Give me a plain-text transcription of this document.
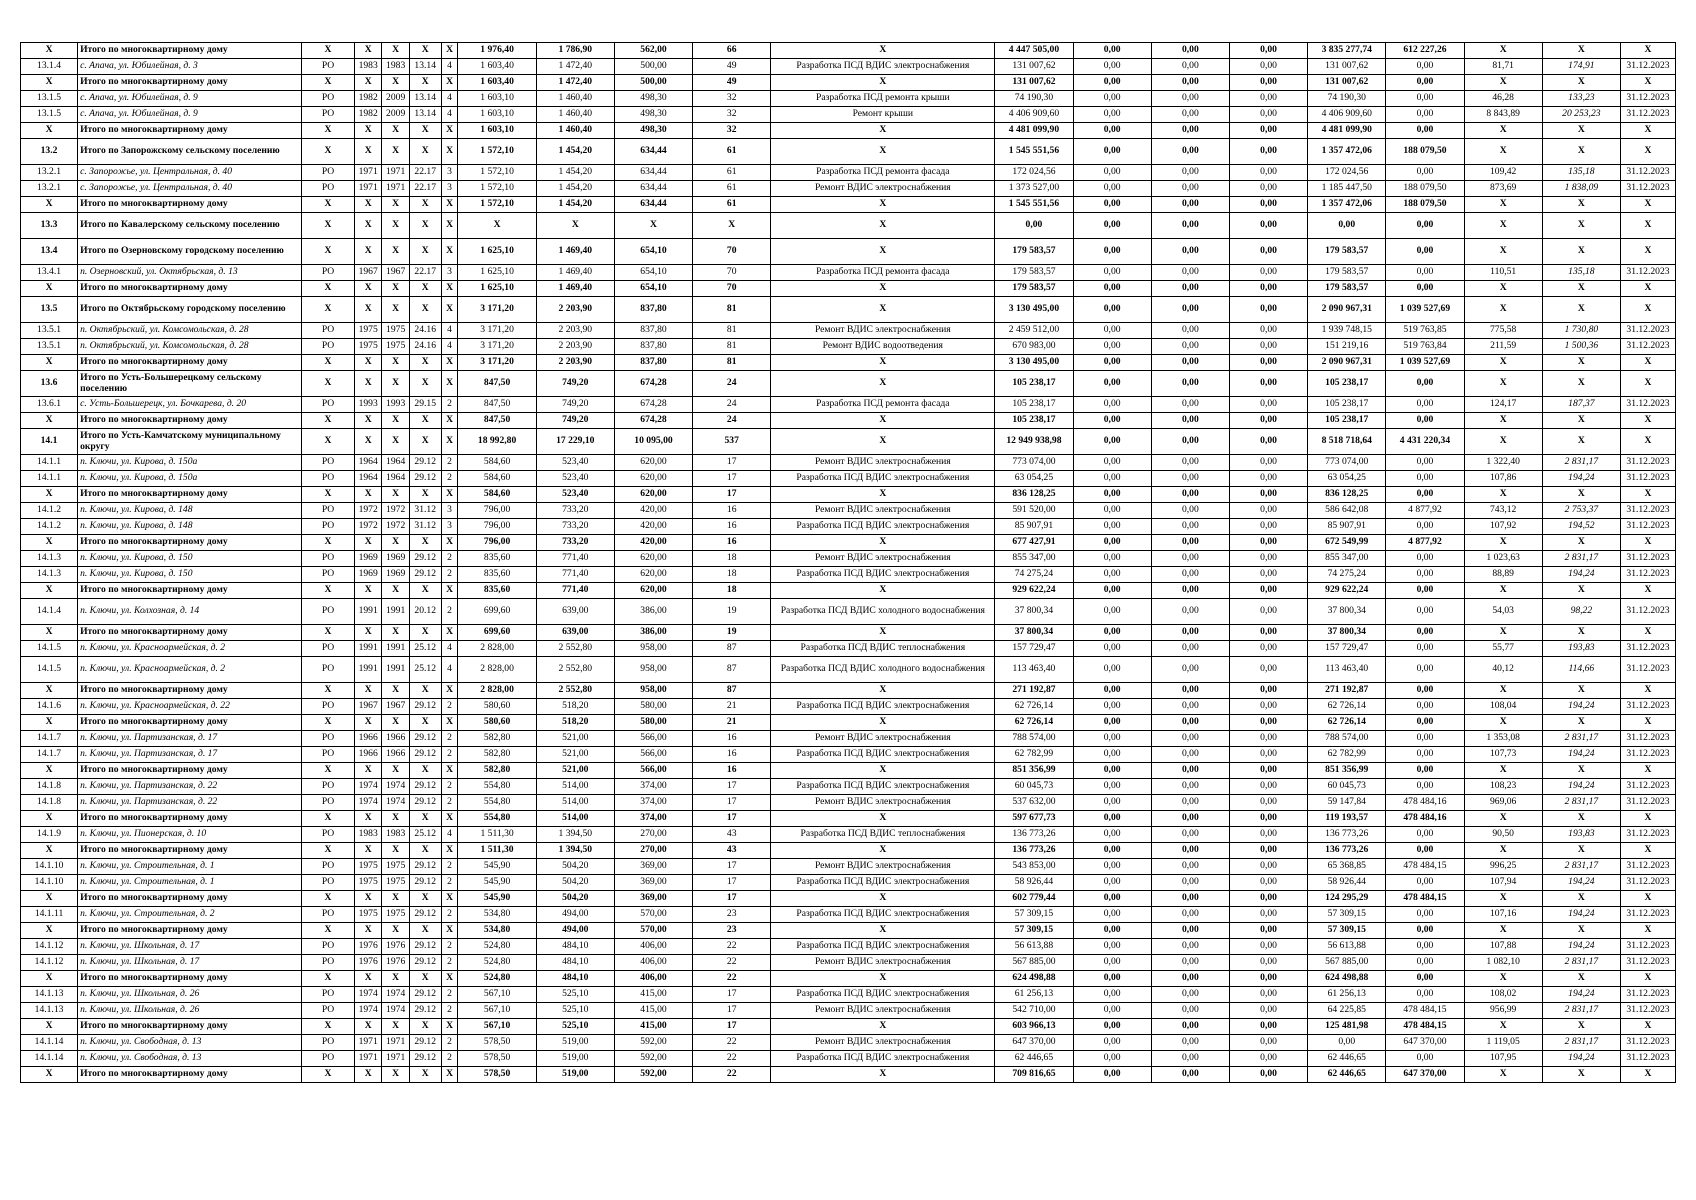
X	Итого по многоквартирному дому	X	X	X	X	X	1 976,40	1 786,90	562,00	66	X	4 447 505,00	0,00	0,00	0,00	3 835 277,74	612 227,26	X	X	X
13.1.4	с. Апача, ул. Юбилейная, д. 3	РО	1983	1983	13.14	4	1 603,40	1 472,40	500,00	49	Разработка ПСД ВДИС электроснабжения	131 007,62	0,00	0,00	0,00	131 007,62	0,00	81,71	174,91	31.12.2023
X	Итого по многоквартирному дому	X	X	X	X	X	1 603,40	1 472,40	500,00	49	X	131 007,62	0,00	0,00	0,00	131 007,62	0,00	X	X	X
13.1.5	с. Апача, ул. Юбилейная, д. 9	РО	1982	2009	13.14	4	1 603,10	1 460,40	498,30	32	Разработка ПСД ремонта крыши	74 190,30	0,00	0,00	0,00	74 190,30	0,00	46,28	133,23	31.12.2023
13.1.5	с. Апача, ул. Юбилейная, д. 9	РО	1982	2009	13.14	4	1 603,10	1 460,40	498,30	32	Ремонт крыши	4 406 909,60	0,00	0,00	0,00	4 406 909,60	0,00	8 843,89	20 253,23	31.12.2023
X	Итого по многоквартирному дому	X	X	X	X	X	1 603,10	1 460,40	498,30	32	X	4 481 099,90	0,00	0,00	0,00	4 481 099,90	0,00	X	X	X
13.2	Итого по Запорожскому сельскому поселению	X	X	X	X	X	1 572,10	1 454,20	634,44	61	X	1 545 551,56	0,00	0,00	0,00	1 357 472,06	188 079,50	X	X	X
13.2.1	с. Запорожье, ул. Центральная, д. 40	РО	1971	1971	22.17	3	1 572,10	1 454,20	634,44	61	Разработка ПСД ремонта фасада	172 024,56	0,00	0,00	0,00	172 024,56	0,00	109,42	135,18	31.12.2023
13.2.1	с. Запорожье, ул. Центральная, д. 40	РО	1971	1971	22.17	3	1 572,10	1 454,20	634,44	61	Ремонт ВДИС электроснабжения	1 373 527,00	0,00	0,00	0,00	1 185 447,50	188 079,50	873,69	1 838,09	31.12.2023
X	Итого по многоквартирному дому	X	X	X	X	X	1 572,10	1 454,20	634,44	61	X	1 545 551,56	0,00	0,00	0,00	1 357 472,06	188 079,50	X	X	X
13.3	Итого по Кавалерскому сельскому поселению	X	X	X	X	X	X	X	X	X	X	0,00	0,00	0,00	0,00	0,00	0,00	X	X	X
13.4	Итого по Озерновскому городскому поселению	X	X	X	X	X	1 625,10	1 469,40	654,10	70	X	179 583,57	0,00	0,00	0,00	179 583,57	0,00	X	X	X
13.4.1	п. Озерновский, ул. Октябрьская, д. 13	РО	1967	1967	22.17	3	1 625,10	1 469,40	654,10	70	Разработка ПСД ремонта фасада	179 583,57	0,00	0,00	0,00	179 583,57	0,00	110,51	135,18	31.12.2023
X	Итого по многоквартирному дому	X	X	X	X	X	1 625,10	1 469,40	654,10	70	X	179 583,57	0,00	0,00	0,00	179 583,57	0,00	X	X	X
13.5	Итого по Октябрьскому городскому поселению	X	X	X	X	X	3 171,20	2 203,90	837,80	81	X	3 130 495,00	0,00	0,00	0,00	2 090 967,31	1 039 527,69	X	X	X
13.5.1	п. Октябрьский, ул. Комсомольская, д. 28	РО	1975	1975	24.16	4	3 171,20	2 203,90	837,80	81	Ремонт ВДИС электроснабжения	2 459 512,00	0,00	0,00	0,00	1 939 748,15	519 763,85	775,58	1 730,80	31.12.2023
13.5.1	п. Октябрьский, ул. Комсомольская, д. 28	РО	1975	1975	24.16	4	3 171,20	2 203,90	837,80	81	Ремонт ВДИС водоотведения	670 983,00	0,00	0,00	0,00	151 219,16	519 763,84	211,59	1 500,36	31.12.2023
X	Итого по многоквартирному дому	X	X	X	X	X	3 171,20	2 203,90	837,80	81	X	3 130 495,00	0,00	0,00	0,00	2 090 967,31	1 039 527,69	X	X	X
13.6	Итого по Усть-Большерецкому сельскому поселению	X	X	X	X	X	847,50	749,20	674,28	24	X	105 238,17	0,00	0,00	0,00	105 238,17	0,00	X	X	X
13.6.1	с. Усть-Большерецк, ул. Бочкарева, д. 20	РО	1993	1993	29.15	2	847,50	749,20	674,28	24	Разработка ПСД ремонта фасада	105 238,17	0,00	0,00	0,00	105 238,17	0,00	124,17	187,37	31.12.2023
X	Итого по многоквартирному дому	X	X	X	X	X	847,50	749,20	674,28	24	X	105 238,17	0,00	0,00	0,00	105 238,17	0,00	X	X	X
14.1	Итого по Усть-Камчатскому муниципальному округу	X	X	X	X	X	18 992,80	17 229,10	10 095,00	537	X	12 949 938,98	0,00	0,00	0,00	8 518 718,64	4 431 220,34	X	X	X
14.1.1	п. Ключи, ул. Кирова, д. 150а	РО	1964	1964	29.12	2	584,60	523,40	620,00	17	Ремонт ВДИС электроснабжения	773 074,00	0,00	0,00	0,00	773 074,00	0,00	1 322,40	2 831,17	31.12.2023
14.1.1	п. Ключи, ул. Кирова, д. 150а	РО	1964	1964	29.12	2	584,60	523,40	620,00	17	Разработка ПСД ВДИС электроснабжения	63 054,25	0,00	0,00	0,00	63 054,25	0,00	107,86	194,24	31.12.2023
X	Итого по многоквартирному дому	X	X	X	X	X	584,60	523,40	620,00	17	X	836 128,25	0,00	0,00	0,00	836 128,25	0,00	X	X	X
14.1.2	п. Ключи, ул. Кирова, д. 148	РО	1972	1972	31.12	3	796,00	733,20	420,00	16	Ремонт ВДИС электроснабжения	591 520,00	0,00	0,00	0,00	586 642,08	4 877,92	743,12	2 753,37	31.12.2023
14.1.2	п. Ключи, ул. Кирова, д. 148	РО	1972	1972	31.12	3	796,00	733,20	420,00	16	Разработка ПСД ВДИС электроснабжения	85 907,91	0,00	0,00	0,00	85 907,91	0,00	107,92	194,52	31.12.2023
X	Итого по многоквартирному дому	X	X	X	X	X	796,00	733,20	420,00	16	X	677 427,91	0,00	0,00	0,00	672 549,99	4 877,92	X	X	X
14.1.3	п. Ключи, ул. Кирова, д. 150	РО	1969	1969	29.12	2	835,60	771,40	620,00	18	Ремонт ВДИС электроснабжения	855 347,00	0,00	0,00	0,00	855 347,00	0,00	1 023,63	2 831,17	31.12.2023
14.1.3	п. Ключи, ул. Кирова, д. 150	РО	1969	1969	29.12	2	835,60	771,40	620,00	18	Разработка ПСД ВДИС электроснабжения	74 275,24	0,00	0,00	0,00	74 275,24	0,00	88,89	194,24	31.12.2023
X	Итого по многоквартирному дому	X	X	X	X	X	835,60	771,40	620,00	18	X	929 622,24	0,00	0,00	0,00	929 622,24	0,00	X	X	X
14.1.4	п. Ключи, ул. Колхозная, д. 14	РО	1991	1991	20.12	2	699,60	639,00	386,00	19	Разработка ПСД ВДИС холодного водоснабжения	37 800,34	0,00	0,00	0,00	37 800,34	0,00	54,03	98,22	31.12.2023
X	Итого по многоквартирному дому	X	X	X	X	X	699,60	639,00	386,00	19	X	37 800,34	0,00	0,00	0,00	37 800,34	0,00	X	X	X
14.1.5	п. Ключи, ул. Красноармейская, д. 2	РО	1991	1991	25.12	4	2 828,00	2 552,80	958,00	87	Разработка ПСД ВДИС теплоснабжения	157 729,47	0,00	0,00	0,00	157 729,47	0,00	55,77	193,83	31.12.2023
14.1.5	п. Ключи, ул. Красноармейская, д. 2	РО	1991	1991	25.12	4	2 828,00	2 552,80	958,00	87	Разработка ПСД ВДИС холодного водоснабжения	113 463,40	0,00	0,00	0,00	113 463,40	0,00	40,12	114,66	31.12.2023
X	Итого по многоквартирному дому	X	X	X	X	X	2 828,00	2 552,80	958,00	87	X	271 192,87	0,00	0,00	0,00	271 192,87	0,00	X	X	X
14.1.6	п. Ключи, ул. Красноармейская, д. 22	РО	1967	1967	29.12	2	580,60	518,20	580,00	21	Разработка ПСД ВДИС электроснабжения	62 726,14	0,00	0,00	0,00	62 726,14	0,00	108,04	194,24	31.12.2023
X	Итого по многоквартирному дому	X	X	X	X	X	580,60	518,20	580,00	21	X	62 726,14	0,00	0,00	0,00	62 726,14	0,00	X	X	X
14.1.7	п. Ключи, ул. Партизанская, д. 17	РО	1966	1966	29.12	2	582,80	521,00	566,00	16	Ремонт ВДИС электроснабжения	788 574,00	0,00	0,00	0,00	788 574,00	0,00	1 353,08	2 831,17	31.12.2023
14.1.7	п. Ключи, ул. Партизанская, д. 17	РО	1966	1966	29.12	2	582,80	521,00	566,00	16	Разработка ПСД ВДИС электроснабжения	62 782,99	0,00	0,00	0,00	62 782,99	0,00	107,73	194,24	31.12.2023
X	Итого по многоквартирному дому	X	X	X	X	X	582,80	521,00	566,00	16	X	851 356,99	0,00	0,00	0,00	851 356,99	0,00	X	X	X
14.1.8	п. Ключи, ул. Партизанская, д. 22	РО	1974	1974	29.12	2	554,80	514,00	374,00	17	Разработка ПСД ВДИС электроснабжения	60 045,73	0,00	0,00	0,00	60 045,73	0,00	108,23	194,24	31.12.2023
14.1.8	п. Ключи, ул. Партизанская, д. 22	РО	1974	1974	29.12	2	554,80	514,00	374,00	17	Ремонт ВДИС электроснабжения	537 632,00	0,00	0,00	0,00	59 147,84	478 484,16	969,06	2 831,17	31.12.2023
X	Итого по многоквартирному дому	X	X	X	X	X	554,80	514,00	374,00	17	X	597 677,73	0,00	0,00	0,00	119 193,57	478 484,16	X	X	X
14.1.9	п. Ключи, ул. Пионерская, д. 10	РО	1983	1983	25.12	4	1 511,30	1 394,50	270,00	43	Разработка ПСД ВДИС теплоснабжения	136 773,26	0,00	0,00	0,00	136 773,26	0,00	90,50	193,83	31.12.2023
X	Итого по многоквартирному дому	X	X	X	X	X	1 511,30	1 394,50	270,00	43	X	136 773,26	0,00	0,00	0,00	136 773,26	0,00	X	X	X
14.1.10	п. Ключи, ул. Строительная, д. 1	РО	1975	1975	29.12	2	545,90	504,20	369,00	17	Ремонт ВДИС электроснабжения	543 853,00	0,00	0,00	0,00	65 368,85	478 484,15	996,25	2 831,17	31.12.2023
14.1.10	п. Ключи, ул. Строительная, д. 1	РО	1975	1975	29.12	2	545,90	504,20	369,00	17	Разработка ПСД ВДИС электроснабжения	58 926,44	0,00	0,00	0,00	58 926,44	0,00	107,94	194,24	31.12.2023
X	Итого по многоквартирному дому	X	X	X	X	X	545,90	504,20	369,00	17	X	602 779,44	0,00	0,00	0,00	124 295,29	478 484,15	X	X	X
14.1.11	п. Ключи, ул. Строительная, д. 2	РО	1975	1975	29.12	2	534,80	494,00	570,00	23	Разработка ПСД ВДИС электроснабжения	57 309,15	0,00	0,00	0,00	57 309,15	0,00	107,16	194,24	31.12.2023
X	Итого по многоквартирному дому	X	X	X	X	X	534,80	494,00	570,00	23	X	57 309,15	0,00	0,00	0,00	57 309,15	0,00	X	X	X
14.1.12	п. Ключи, ул. Школьная, д. 17	РО	1976	1976	29.12	2	524,80	484,10	406,00	22	Разработка ПСД ВДИС электроснабжения	56 613,88	0,00	0,00	0,00	56 613,88	0,00	107,88	194,24	31.12.2023
14.1.12	п. Ключи, ул. Школьная, д. 17	РО	1976	1976	29.12	2	524,80	484,10	406,00	22	Ремонт ВДИС электроснабжения	567 885,00	0,00	0,00	0,00	567 885,00	0,00	1 082,10	2 831,17	31.12.2023
X	Итого по многоквартирному дому	X	X	X	X	X	524,80	484,10	406,00	22	X	624 498,88	0,00	0,00	0,00	624 498,88	0,00	X	X	X
14.1.13	п. Ключи, ул. Школьная, д. 26	РО	1974	1974	29.12	2	567,10	525,10	415,00	17	Разработка ПСД ВДИС электроснабжения	61 256,13	0,00	0,00	0,00	61 256,13	0,00	108,02	194,24	31.12.2023
14.1.13	п. Ключи, ул. Школьная, д. 26	РО	1974	1974	29.12	2	567,10	525,10	415,00	17	Ремонт ВДИС электроснабжения	542 710,00	0,00	0,00	0,00	64 225,85	478 484,15	956,99	2 831,17	31.12.2023
X	Итого по многоквартирному дому	X	X	X	X	X	567,10	525,10	415,00	17	X	603 966,13	0,00	0,00	0,00	125 481,98	478 484,15	X	X	X
14.1.14	п. Ключи, ул. Свободная, д. 13	РО	1971	1971	29.12	2	578,50	519,00	592,00	22	Ремонт ВДИС электроснабжения	647 370,00	0,00	0,00	0,00	0,00	647 370,00	1 119,05	2 831,17	31.12.2023
14.1.14	п. Ключи, ул. Свободная, д. 13	РО	1971	1971	29.12	2	578,50	519,00	592,00	22	Разработка ПСД ВДИС электроснабжения	62 446,65	0,00	0,00	0,00	62 446,65	0,00	107,95	194,24	31.12.2023
X	Итого по многоквартирному дому	X	X	X	X	X	578,50	519,00	592,00	22	X	709 816,65	0,00	0,00	0,00	62 446,65	647 370,00	X	X	X
